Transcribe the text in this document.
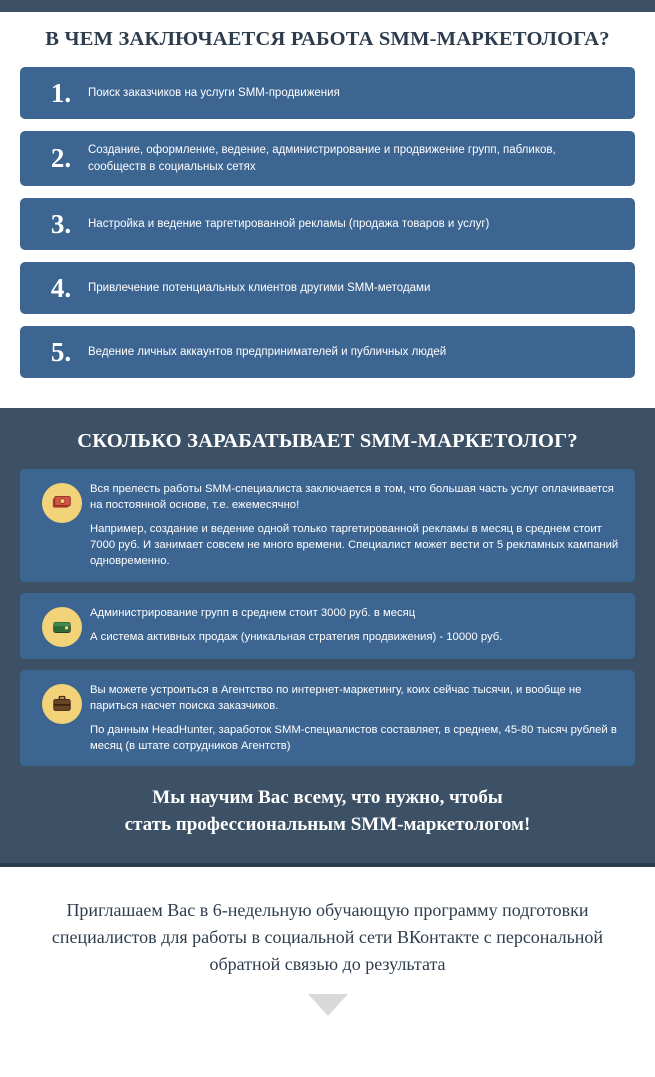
В ЧЕМ ЗАКЛЮЧАЕТСЯ РАБОТА SMM-МАРКЕТОЛОГА?
1.	Поиск заказчиков на услуги SMM-продвижения
2.	Создание, оформление, ведение, администрирование и продвижение групп, пабликов, сообществ в социальных сетях
3.	Настройка и ведение таргетированной рекламы (продажа товаров и услуг)
4.	Привлечение потенциальных клиентов другими SMM-методами
5.	Ведение личных аккаунтов предпринимателей и публичных людей
СКОЛЬКО ЗАРАБАТЫВАЕТ SMM-МАРКЕТОЛОГ?

Вся прелесть работы SMM-специалиста заключается в том, что большая часть услуг оплачивается на постоянной основе, т.е. ежемесячно!

Например, создание и ведение одной только таргетированной рекламы в месяц в среднем стоит 7000 руб. И занимает совсем не много времени. Специалист может вести от 5 рекламных кампаний одновременно.

Администрирование групп в среднем стоит 3000 руб. в месяц

А система активных продаж (уникальная стратегия продвижения) - 10000 руб.

Вы можете устроиться в Агентство по интернет-маркетингу, коих сейчас тысячи, и вообще не париться насчет поиска заказчиков.

По данным HeadHunter, заработок SMM-специалистов составляет, в среднем, 45-80 тысяч рублей в месяц (в штате сотрудников Агентств)

Мы научим Вас всему, что нужно, чтобы
стать профессиональным SMM-маркетологом!
Приглашаем Вас в 6-недельную обучающую программу подготовки специалистов для работы в социальной сети ВКонтакте с персональной обратной связью до результата
